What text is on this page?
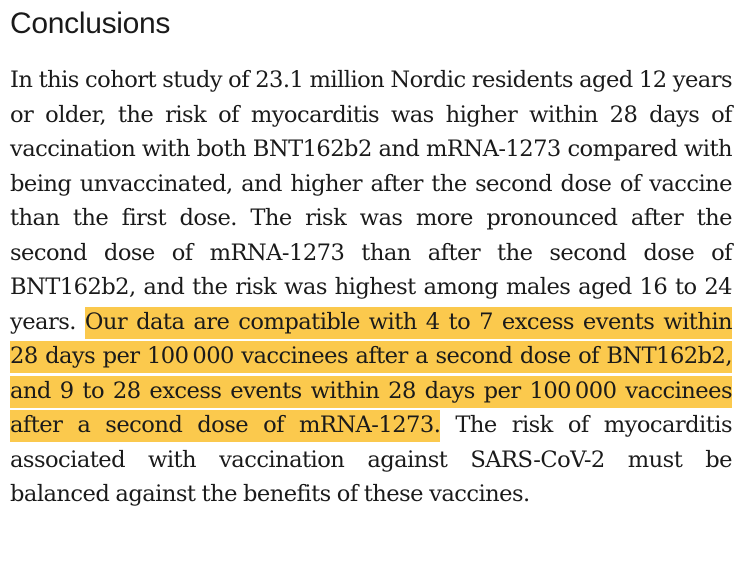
Conclusions

In this cohort study of 23.1 million Nordic residents aged 12 years or older, the risk of myocarditis was higher within 28 days of vaccination with both BNT162b2 and mRNA-1273 compared with being unvaccinated, and higher after the second dose of vaccine than the first dose. The risk was more pronounced after the second dose of mRNA-1273 than after the second dose of BNT162b2, and the risk was highest among males aged 16 to 24 years. Our data are compatible with 4 to 7 excess events within 28 days per 100 000 vaccinees after a second dose of BNT162b2, and 9 to 28 excess events within 28 days per 100 000 vaccinees after a second dose of mRNA-1273. The risk of myocarditis associated with vaccination against SARS-CoV-2 must be balanced against the benefits of these vaccines.
